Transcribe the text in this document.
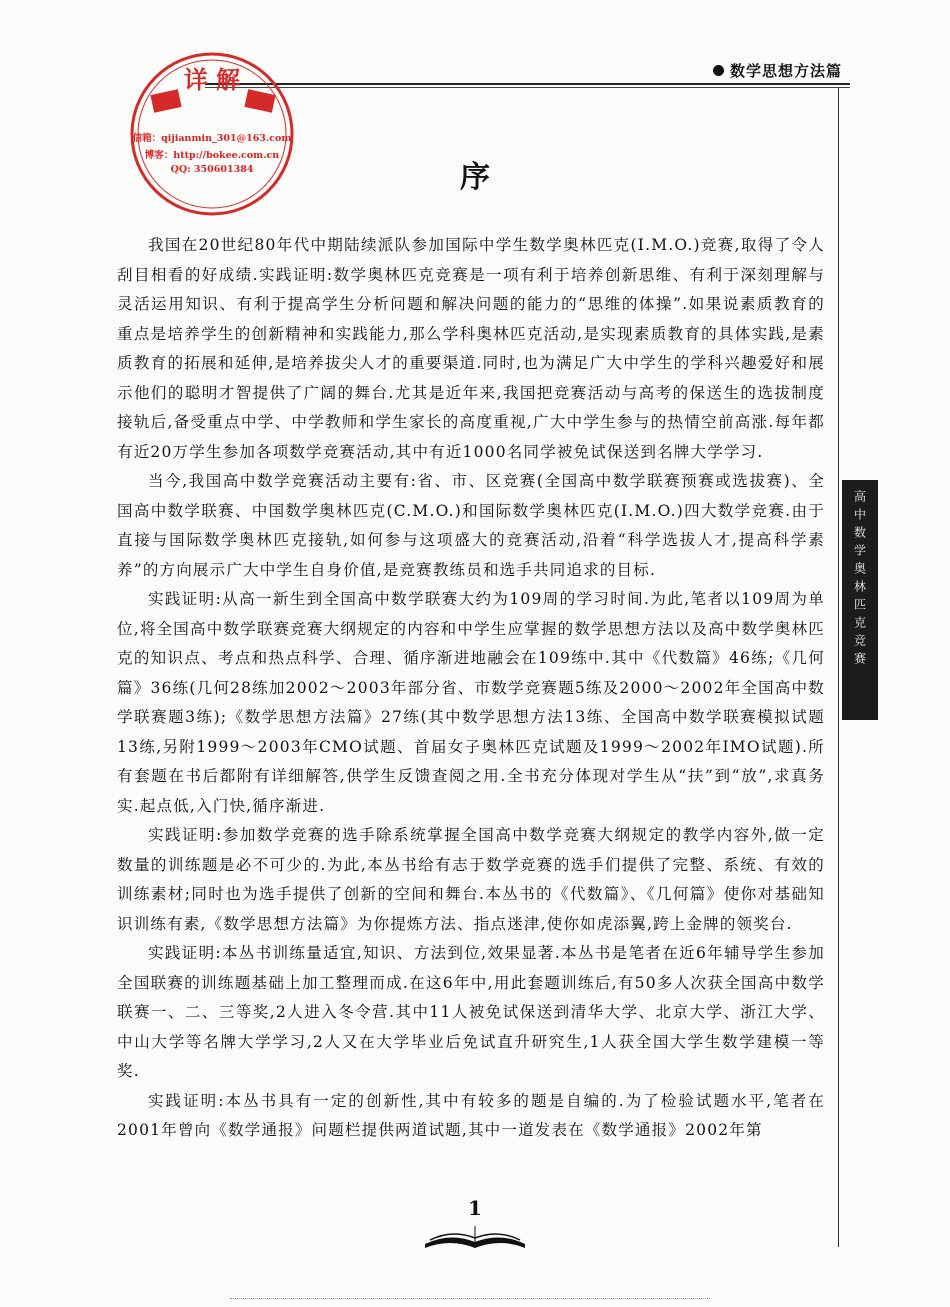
数学思想方法篇
详 解
信箱：qijianmin_301@163.com
博客：http://bokee.com.cn
QQ: 350601384	序

我国在20世纪80年代中期陆续派队参加国际中学生数学奥林匹克(I.M.O.)竞赛,取得了令人刮目相看的好成绩.实践证明:数学奥林匹克竞赛是一项有利于培养创新思维、有利于深刻理解与灵活运用知识、有利于提高学生分析问题和解决问题的能力的“思维的体操”.如果说素质教育的重点是培养学生的创新精神和实践能力,那么学科奥林匹克活动,是实现素质教育的具体实践,是素质教育的拓展和延伸,是培养拔尖人才的重要渠道.同时,也为满足广大中学生的学科兴趣爱好和展示他们的聪明才智提供了广阔的舞台.尤其是近年来,我国把竞赛活动与高考的保送生的选拔制度接轨后,备受重点中学、中学教师和学生家长的高度重视,广大中学生参与的热情空前高涨.每年都有近20万学生参加各项数学竞赛活动,其中有近1000名同学被免试保送到名牌大学学习.

当今,我国高中数学竞赛活动主要有:省、市、区竞赛(全国高中数学联赛预赛或选拔赛)、全国高中数学联赛、中国数学奥林匹克(C.M.O.)和国际数学奥林匹克(I.M.O.)四大数学竞赛.由于直接与国际数学奥林匹克接轨,如何参与这项盛大的竞赛活动,沿着“科学选拔人才,提高科学素养”的方向展示广大中学生自身价值,是竞赛教练员和选手共同追求的目标.

实践证明:从高一新生到全国高中数学联赛大约为109周的学习时间.为此,笔者以109周为单位,将全国高中数学联赛竞赛大纲规定的内容和中学生应掌握的数学思想方法以及高中数学奥林匹克的知识点、考点和热点科学、合理、循序渐进地融会在109练中.其中《代数篇》46练;《几何篇》36练(几何28练加2002～2003年部分省、市数学竞赛题5练及2000～2002年全国高中数学联赛题3练);《数学思想方法篇》27练(其中数学思想方法13练、全国高中数学联赛模拟试题13练,另附1999～2003年CMO试题、首届女子奥林匹克试题及1999～2002年IMO试题).所有套题在书后都附有详细解答,供学生反馈查阅之用.全书充分体现对学生从“扶”到“放”,求真务实.起点低,入门快,循序渐进.

实践证明:参加数学竞赛的选手除系统掌握全国高中数学竞赛大纲规定的教学内容外,做一定数量的训练题是必不可少的.为此,本丛书给有志于数学竞赛的选手们提供了完整、系统、有效的训练素材;同时也为选手提供了创新的空间和舞台.本丛书的《代数篇》、《几何篇》使你对基础知识训练有素,《数学思想方法篇》为你提炼方法、指点迷津,使你如虎添翼,跨上金牌的领奖台.

实践证明:本丛书训练量适宜,知识、方法到位,效果显著.本丛书是笔者在近6年辅导学生参加全国联赛的训练题基础上加工整理而成.在这6年中,用此套题训练后,有50多人次获全国高中数学联赛一、二、三等奖,2人进入冬令营.其中11人被免试保送到清华大学、北京大学、浙江大学、中山大学等名牌大学学习,2人又在大学毕业后免试直升研究生,1人获全国大学生数学建模一等奖.

实践证明:本丛书具有一定的创新性,其中有较多的题是自编的.为了检验试题水平,笔者在2001年曾向《数学通报》问题栏提供两道试题,其中一道发表在《数学通报》2002年第

高中数学奥林匹克竞赛
1
